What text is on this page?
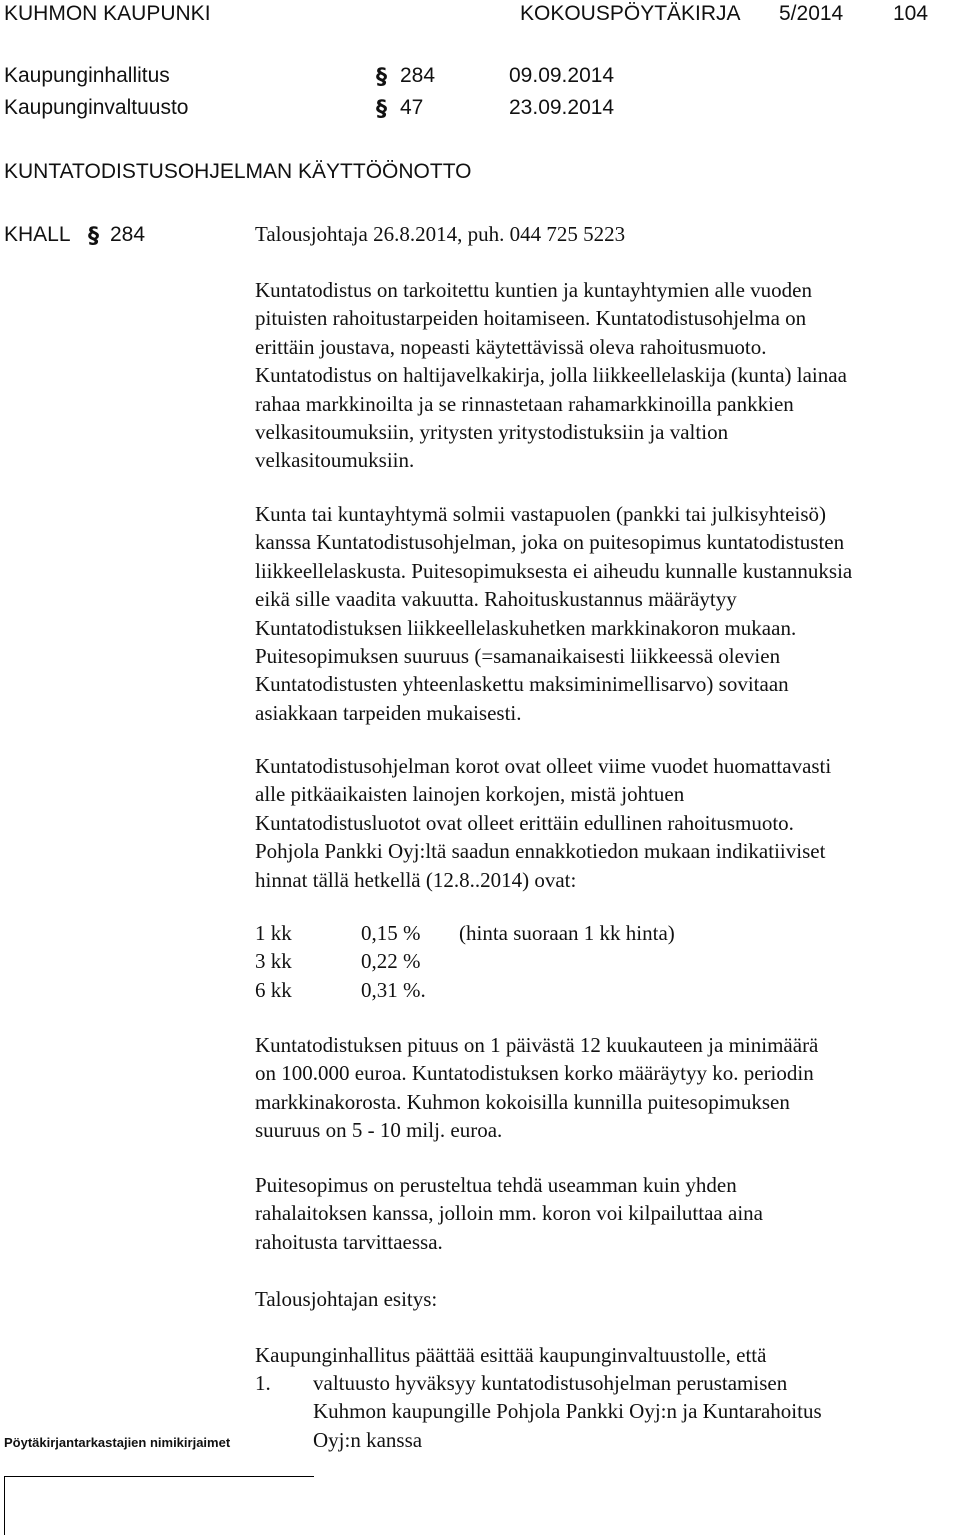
KUHMON KAUPUNKI	KOKOUSPÖYTÄKIRJA 5/2014 104
Kaupunginhallitus	§ 284	09.09.2014
Kaupunginvaltuusto	§ 47	23.09.2014
KUNTATODISTUSOHJELMAN KÄYTTÖÖNOTTO
KHALL § 284	Talousjohtaja 26.8.2014, puh. 044 725 5223
Kuntatodistus on tarkoitettu kuntien ja kuntayhtymien alle vuoden
pituisten rahoitustarpeiden hoitamiseen. Kuntatodistusohjelma on
erittäin joustava, nopeasti käytettävissä oleva rahoitusmuoto.
Kuntatodistus on haltijavelkakirja, jolla liikkeellelaskija (kunta) lainaa
rahaa markkinoilta ja se rinnastetaan rahamarkkinoilla pankkien
velkasitoumuksiin, yritysten yritystodistuksiin ja valtion
velkasitoumuksiin.
Kunta tai kuntayhtymä solmii vastapuolen (pankki tai julkisyhteisö)
kanssa Kuntatodistusohjelman, joka on puitesopimus kuntatodistusten
liikkeellelaskusta. Puitesopimuksesta ei aiheudu kunnalle kustannuksia
eikä sille vaadita vakuutta. Rahoituskustannus määräytyy
Kuntatodistuksen liikkeellelaskuhetken markkinakoron mukaan.
Puitesopimuksen suuruus (=samanaikaisesti liikkeessä olevien
Kuntatodistusten yhteenlaskettu maksiminimellisarvo) sovitaan
asiakkaan tarpeiden mukaisesti.
Kuntatodistusohjelman korot ovat olleet viime vuodet huomattavasti
alle pitkäaikaisten lainojen korkojen, mistä johtuen
Kuntatodistusluotot ovat olleet erittäin edullinen rahoitusmuoto.
Pohjola Pankki Oyj:ltä saadun ennakkotiedon mukaan indikatiiviset
hinnat tällä hetkellä (12.8..2014) ovat:
1 kk	0,15 %	(hinta suoraan 1 kk hinta)
3 kk	0,22 %
6 kk	0,31 %.
Kuntatodistuksen pituus on 1 päivästä 12 kuukauteen ja minimäärä
on 100.000 euroa. Kuntatodistuksen korko määräytyy ko. periodin
markkinakorosta. Kuhmon kokoisilla kunnilla puitesopimuksen
suuruus on 5 - 10 milj. euroa.
Puitesopimus on perusteltua tehdä useamman kuin yhden
rahalaitoksen kanssa, jolloin mm. koron voi kilpailuttaa aina
rahoitusta tarvittaessa.
Talousjohtajan esitys:
Kaupunginhallitus päättää esittää kaupunginvaltuustolle, että
1. valtuusto hyväksyy kuntatodistusohjelman perustamisen
Kuhmon kaupungille Pohjola Pankki Oyj:n ja Kuntarahoitus
Oyj:n kanssa
Pöytäkirjantarkastajien nimikirjaimet
